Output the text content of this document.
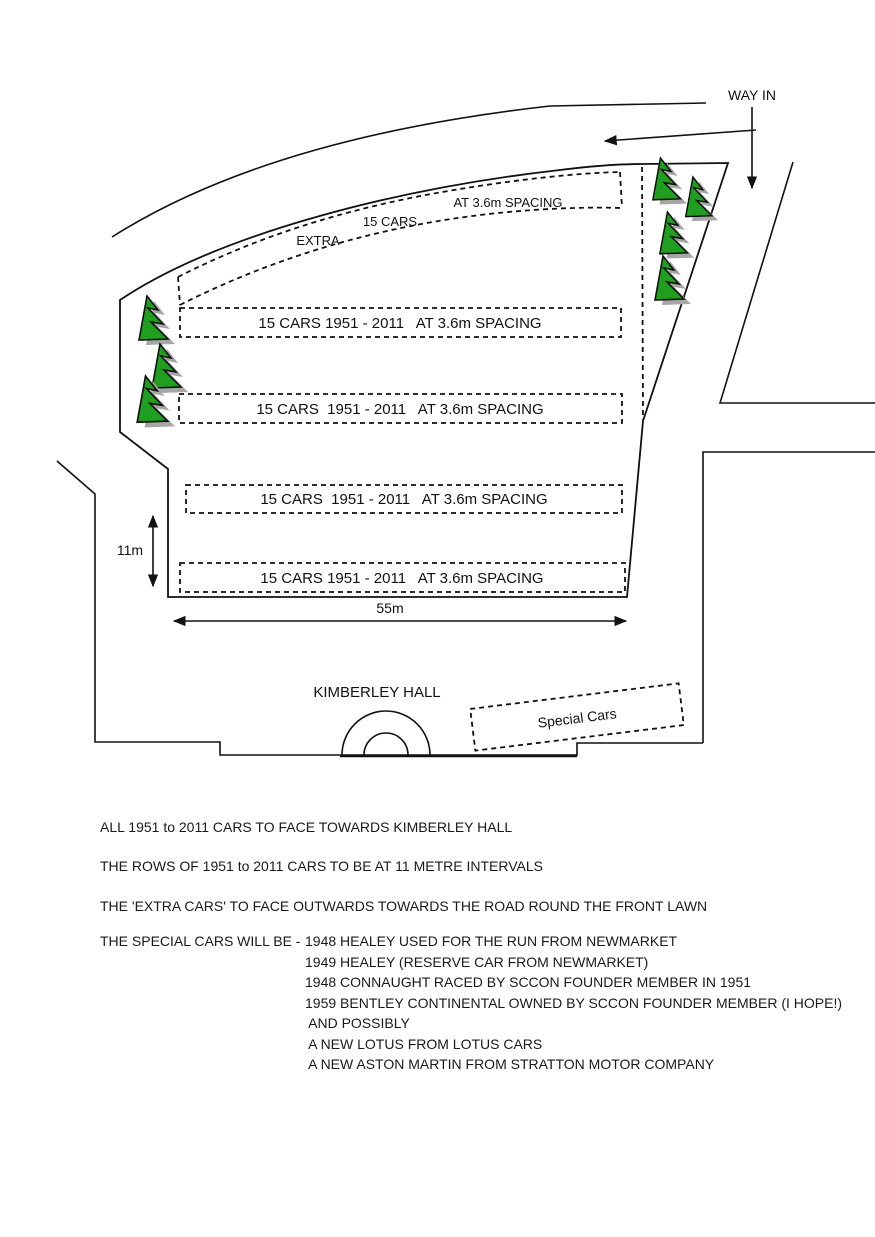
EXTRA
15 CARS
AT 3.6m SPACING
15 CARS 1951 - 2011   AT 3.6m SPACING
15 CARS  1951 - 2011   AT 3.6m SPACING
15 CARS  1951 - 2011   AT 3.6m SPACING
15 CARS 1951 - 2011   AT 3.6m SPACING
11m
55m
WAY IN
KIMBERLEY HALL
Special Cars
ALL 1951 to 2011 CARS TO FACE TOWARDS KIMBERLEY HALL
THE ROWS OF 1951 to 2011 CARS TO BE AT 11 METRE INTERVALS
THE 'EXTRA CARS' TO FACE OUTWARDS TOWARDS THE ROAD ROUND THE FRONT LAWN
THE SPECIAL CARS WILL BE - 1948 HEALEY USED FOR THE RUN FROM NEWMARKET
1949 HEALEY (RESERVE CAR FROM NEWMARKET)
1948 CONNAUGHT RACED BY SCCON FOUNDER MEMBER IN 1951
1959 BENTLEY CONTINENTAL OWNED BY SCCON FOUNDER MEMBER (I HOPE!)
AND POSSIBLY
A NEW LOTUS FROM LOTUS CARS
A NEW ASTON MARTIN FROM STRATTON MOTOR COMPANY
